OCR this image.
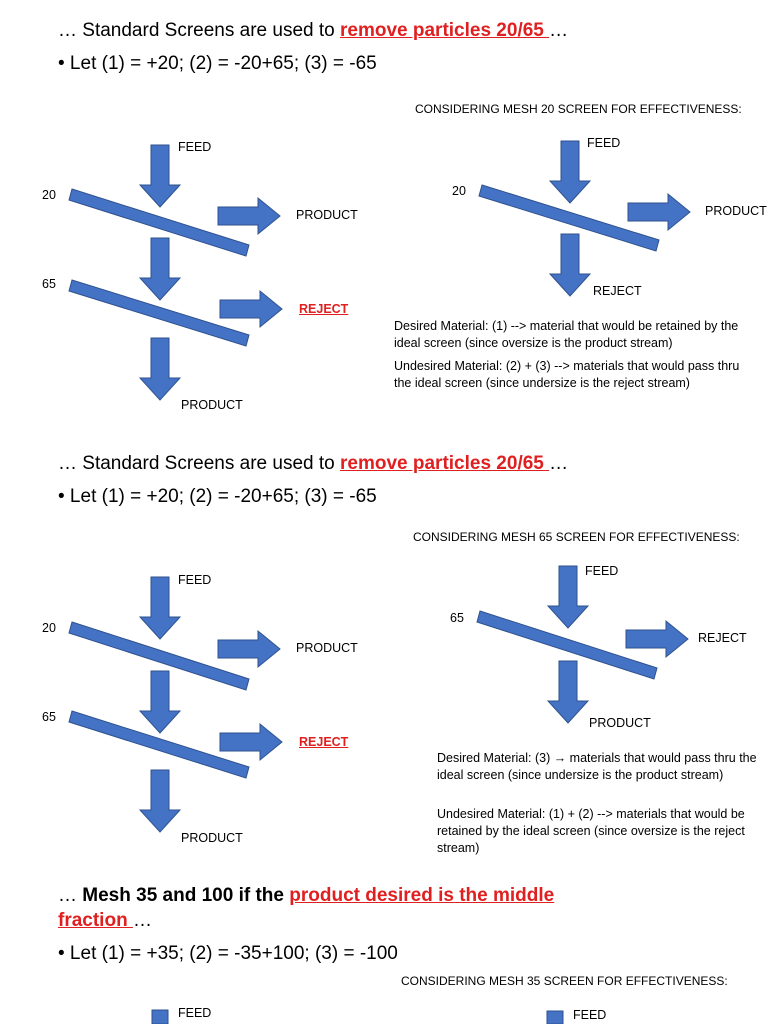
… Standard Screens are used to remove particles 20/65 …
• Let (1) = +20; (2) = -20+65; (3) = -65
FEED
20
PRODUCT
65
REJECT
PRODUCT
CONSIDERING MESH 20 SCREEN FOR EFFECTIVENESS:
FEED
20
PRODUCT
REJECT
Desired Material: (1) --> material that would be retained by the ideal screen (since oversize is the product stream)
Undesired Material: (2) + (3) --> materials that would pass thru the ideal screen (since undersize is the reject stream)
… Standard Screens are used to remove particles 20/65 …
• Let (1) = +20; (2) = -20+65; (3) = -65
FEED
20
PRODUCT
65
REJECT
PRODUCT
CONSIDERING MESH 65 SCREEN FOR EFFECTIVENESS:
FEED
65
REJECT
PRODUCT
Desired Material: (3) → materials that would pass thru the ideal screen (since undersize is the product stream)
Undesired Material: (1) + (2) --> materials that would be retained by the ideal screen (since oversize is the reject stream)
… Mesh 35 and 100 if the product desired is the middle
fraction …
• Let (1) = +35; (2) = -35+100; (3) = -100
CONSIDERING MESH 35 SCREEN FOR EFFECTIVENESS:
FEED	FEED
